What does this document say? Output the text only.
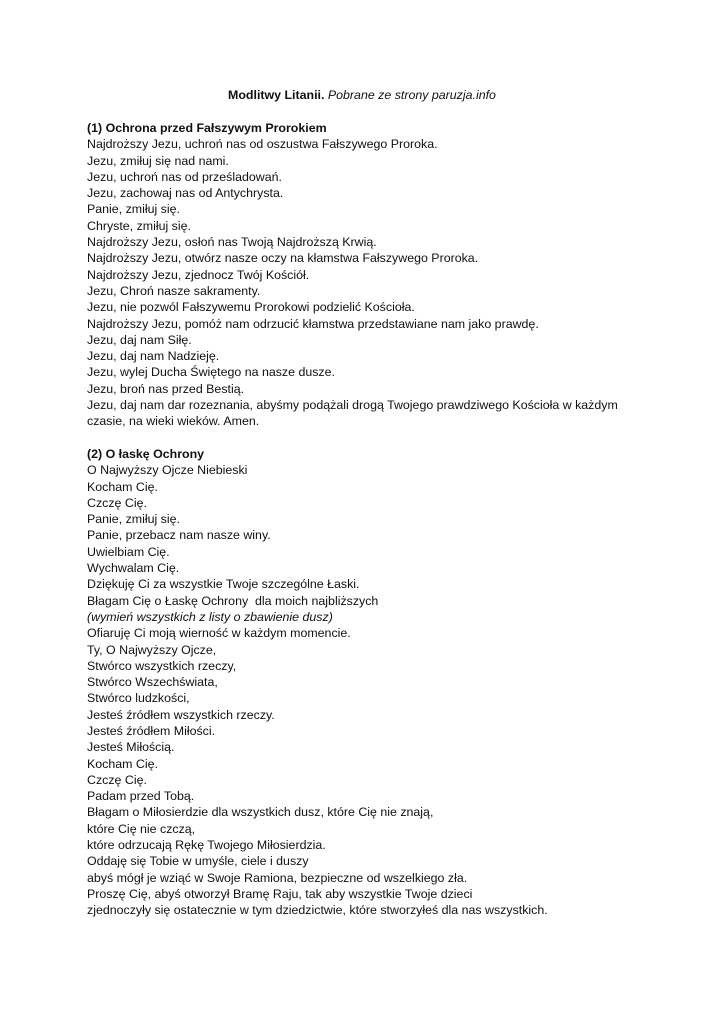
Modlitwy Litanii. Pobrane ze strony paruzja.info
(1) Ochrona przed Fałszywym Prorokiem
Najdroższy Jezu, uchroń nas od oszustwa Fałszywego Proroka.
Jezu, zmiłuj się nad nami.
Jezu, uchroń nas od prześladowań.
Jezu, zachowaj nas od Antychrysta.
Panie, zmiłuj się.
Chryste, zmiłuj się.
Najdroższy Jezu, osłoń nas Twoją Najdroższą Krwią.
Najdroższy Jezu, otwórz nasze oczy na kłamstwa Fałszywego Proroka.
Najdroższy Jezu, zjednocz Twój Kościół.
Jezu, Chroń nasze sakramenty.
Jezu, nie pozwól Fałszywemu Prorokowi podzielić Kościoła.
Najdroższy Jezu, pomóż nam odrzucić kłamstwa przedstawiane nam jako prawdę.
Jezu, daj nam Siłę.
Jezu, daj nam Nadzieję.
Jezu, wylej Ducha Świętego na nasze dusze.
Jezu, broń nas przed Bestią.
Jezu, daj nam dar rozeznania, abyśmy podążali drogą Twojego prawdziwego Kościoła w każdym
czasie, na wieki wieków. Amen.
(2) O łaskę Ochrony
O Najwyższy Ojcze Niebieski
Kocham Cię.
Czczę Cię.
Panie, zmiłuj się.
Panie, przebacz nam nasze winy.
Uwielbiam Cię.
Wychwalam Cię.
Dziękuję Ci za wszystkie Twoje szczególne Łaski.
Błagam Cię o Łaskę Ochrony  dla moich najbliższych
(wymień wszystkich z listy o zbawienie dusz)
Ofiaruję Ci moją wierność w każdym momencie.
Ty, O Najwyższy Ojcze,
Stwórco wszystkich rzeczy,
Stwórco Wszechświata,
Stwórco ludzkości,
Jesteś źródłem wszystkich rzeczy.
Jesteś źródłem Miłości.
Jesteś Miłością.
Kocham Cię.
Czczę Cię.
Padam przed Tobą.
Błagam o Miłosierdzie dla wszystkich dusz, które Cię nie znają,
które Cię nie czczą,
które odrzucają Rękę Twojego Miłosierdzia.
Oddaję się Tobie w umyśle, ciele i duszy
abyś mógł je wziąć w Swoje Ramiona, bezpieczne od wszelkiego zła.
Proszę Cię, abyś otworzył Bramę Raju, tak aby wszystkie Twoje dzieci
zjednoczyły się ostatecznie w tym dziedzictwie, które stworzyłeś dla nas wszystkich.
